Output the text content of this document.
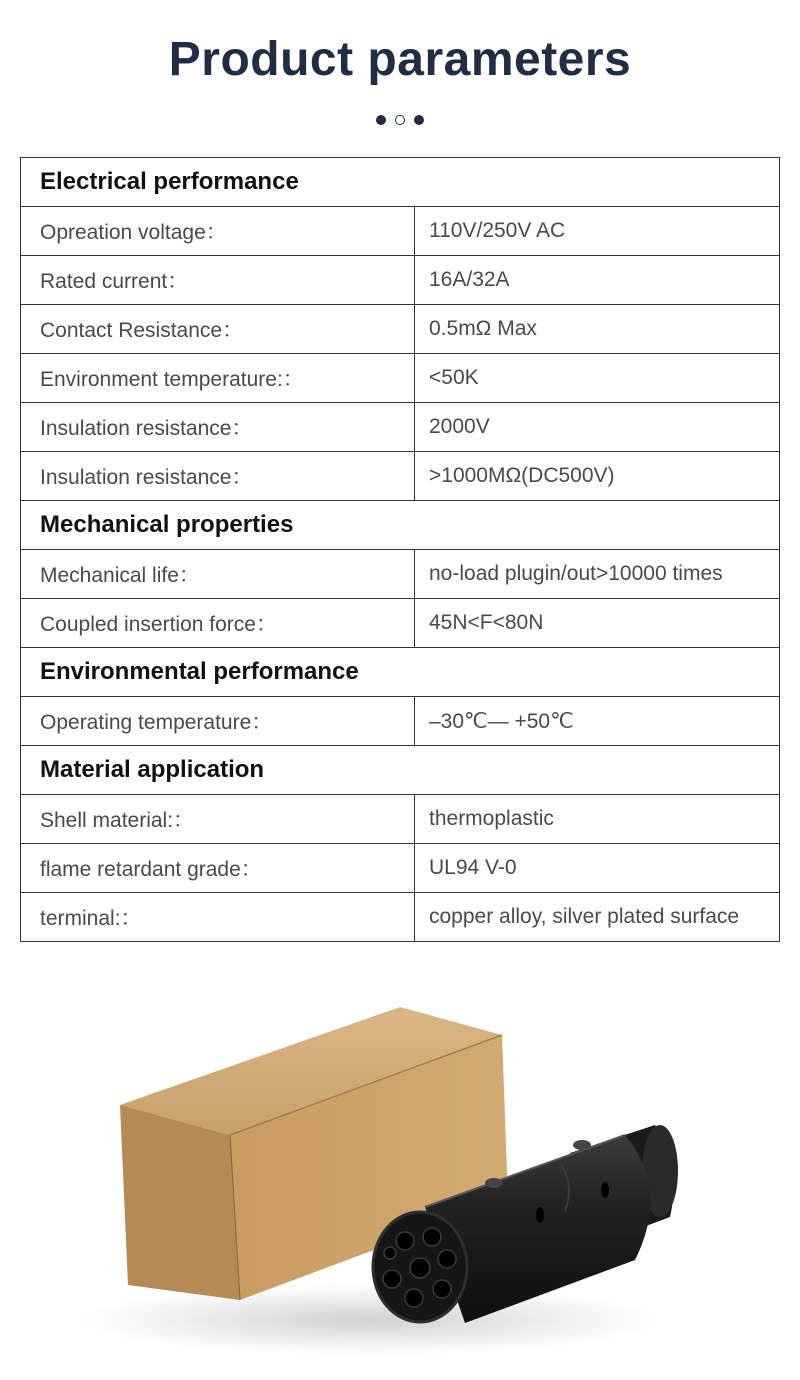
Product parameters
Electrical performance	
Opreation voltage：	110V/250V AC
Rated current：	16A/32A
Contact Resistance：	0.5mΩ Max
Environment temperature:：	<50K
Insulation resistance：	2000V
Insulation resistance：	>1000MΩ(DC500V)
Mechanical properties	
Mechanical life：	no-load plugin/out>10000 times
Coupled insertion force：	45N<F<80N
Environmental performance	
Operating temperature：	–30℃— +50℃
Material application	
Shell material:：	thermoplastic
flame retardant grade：	UL94 V-0
terminal:：	copper alloy, silver plated surface
